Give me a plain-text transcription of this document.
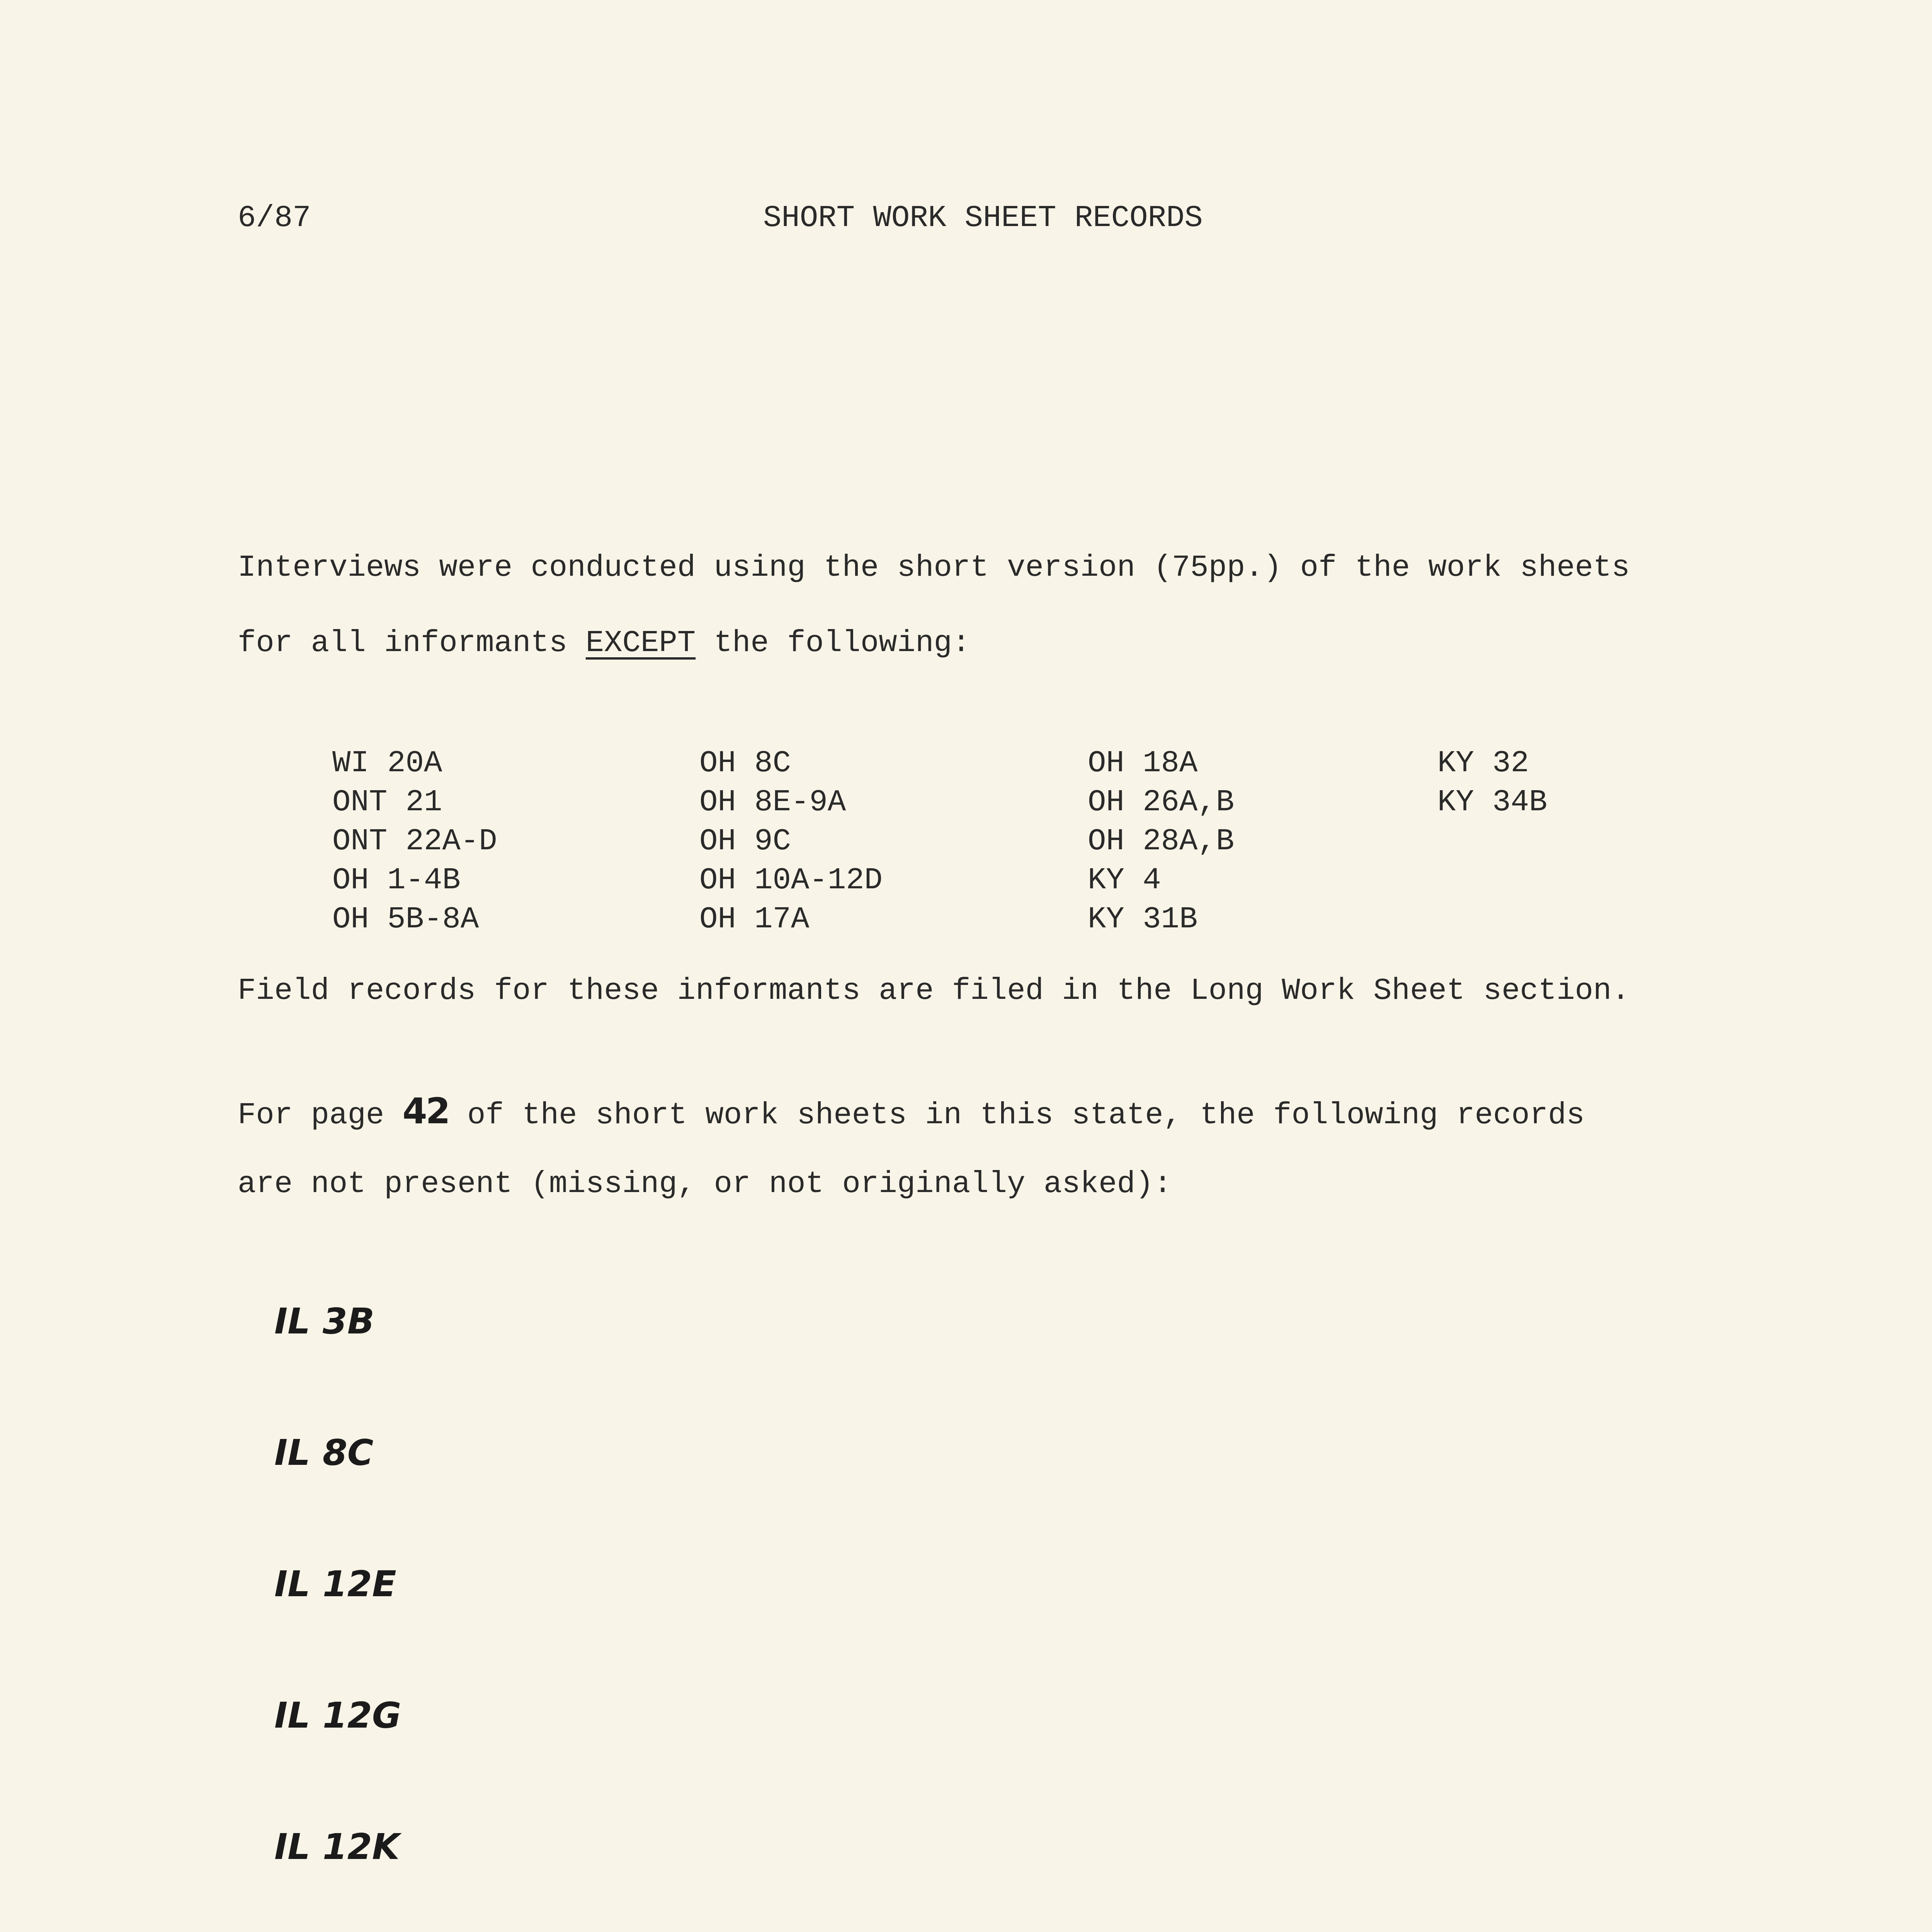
6/87	SHORT WORK SHEET RECORDS
Interviews were conducted using the short version (75pp.) of the work sheets
for all informants EXCEPT the following:
WI 20A
ONT 21
ONT 22A-D
OH 1-4B
OH 5B-8A
OH 8C
OH 8E-9A
OH 9C
OH 10A-12D
OH 17A
OH 18A
OH 26A,B
OH 28A,B
KY 4
KY 31B
KY 32
KY 34B
Field records for these informants are filed in the Long Work Sheet section.
For page 42 of the short work sheets in this state, the following records
are not present (missing, or not originally asked):
IL 3B
IL 8C
IL 12E
IL 12G
IL 12K
